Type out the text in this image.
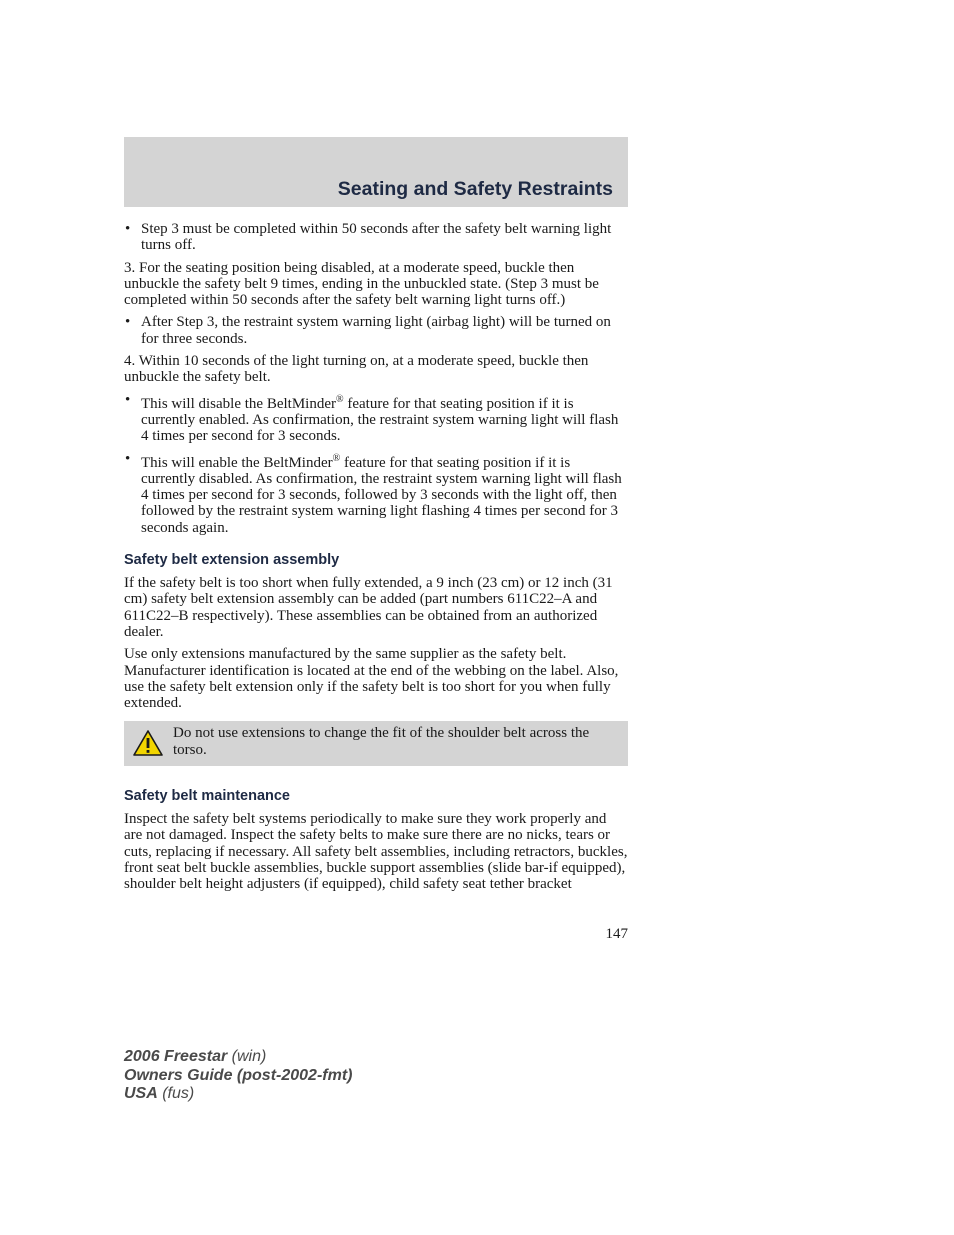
Seating and Safety Restraints
• Step 3 must be completed within 50 seconds after the safety belt warning light turns off.

3. For the seating position being disabled, at a moderate speed, buckle then unbuckle the safety belt 9 times, ending in the unbuckled state. (Step 3 must be completed within 50 seconds after the safety belt warning light turns off.)

• After Step 3, the restraint system warning light (airbag light) will be turned on for three seconds.

4. Within 10 seconds of the light turning on, at a moderate speed, buckle then unbuckle the safety belt.

• This will disable the BeltMinder® feature for that seating position if it is currently enabled. As confirmation, the restraint system warning light will flash 4 times per second for 3 seconds.
• This will enable the BeltMinder® feature for that seating position if it is currently disabled. As confirmation, the restraint system warning light will flash 4 times per second for 3 seconds, followed by 3 seconds with the light off, then followed by the restraint system warning light flashing 4 times per second for 3 seconds again.
Safety belt extension assembly

If the safety belt is too short when fully extended, a 9 inch (23 cm) or 12 inch (31 cm) safety belt extension assembly can be added (part numbers 611C22–A and 611C22–B respectively). These assemblies can be obtained from an authorized dealer.

Use only extensions manufactured by the same supplier as the safety belt. Manufacturer identification is located at the end of the webbing on the label. Also, use the safety belt extension only if the safety belt is too short for you when fully extended.

Do not use extensions to change the fit of the shoulder belt across the torso.
Safety belt maintenance

Inspect the safety belt systems periodically to make sure they work properly and are not damaged. Inspect the safety belts to make sure there are no nicks, tears or cuts, replacing if necessary. All safety belt assemblies, including retractors, buckles, front seat belt buckle assemblies, buckle support assemblies (slide bar-if equipped), shoulder belt height adjusters (if equipped), child safety seat tether bracket

147
2006 Freestar (win)
Owners Guide (post-2002-fmt)
USA (fus)
